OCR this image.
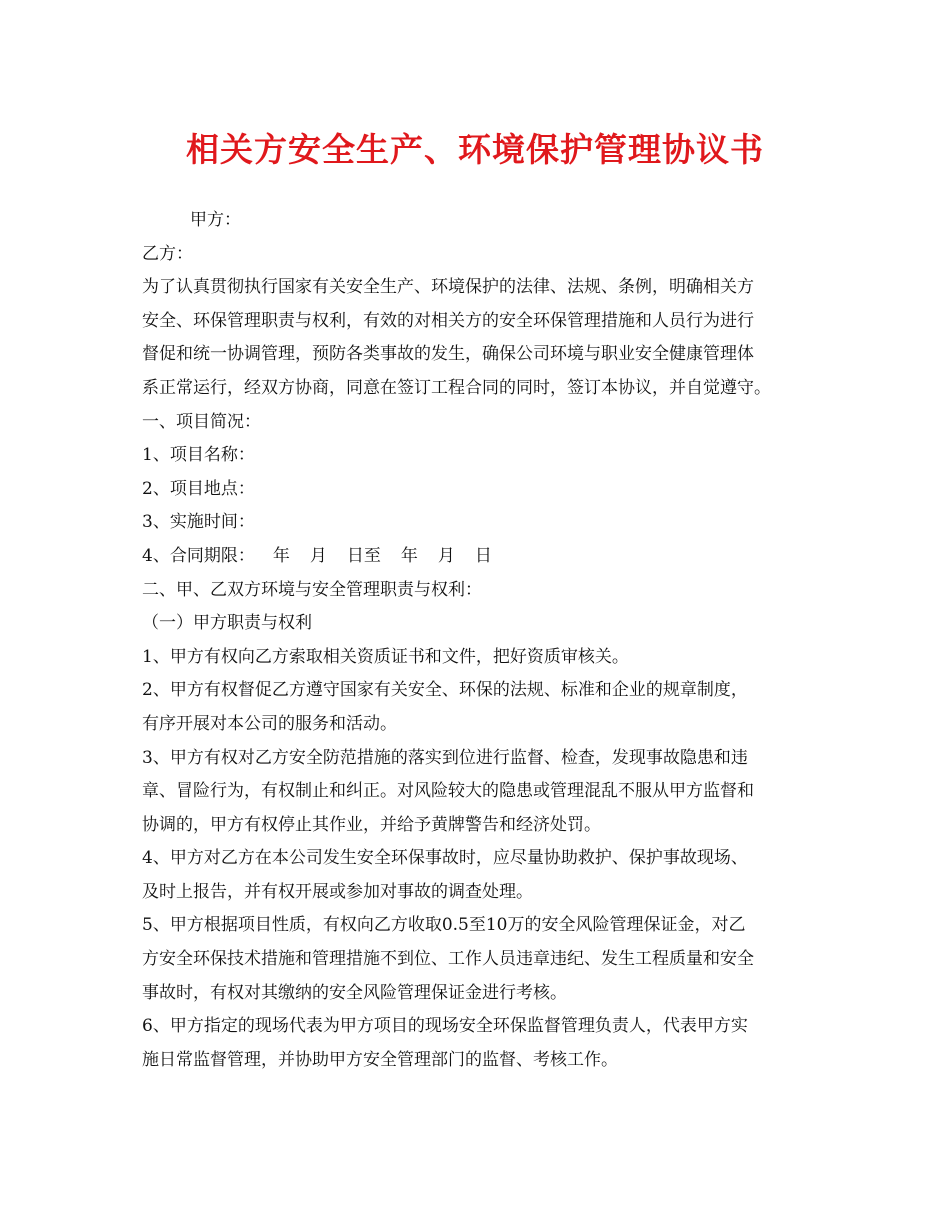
相关方安全生产、环境保护管理协议书
甲方：
乙方：
为了认真贯彻执行国家有关安全生产、环境保护的法律、法规、条例，明确相关方
安全、环保管理职责与权利，有效的对相关方的安全环保管理措施和人员行为进行
督促和统一协调管理，预防各类事故的发生，确保公司环境与职业安全健康管理体
系正常运行，经双方协商，同意在签订工程合同的同时，签订本协议，并自觉遵守。
一、项目简况：
1、项目名称：
2、项目地点：
3、实施时间：
4、合同期限： 年 月 日至 年 月 日
二、甲、乙双方环境与安全管理职责与权利：
（一）甲方职责与权利
1、甲方有权向乙方索取相关资质证书和文件，把好资质审核关。
2、甲方有权督促乙方遵守国家有关安全、环保的法规、标准和企业的规章制度，
有序开展对本公司的服务和活动。
3、甲方有权对乙方安全防范措施的落实到位进行监督、检查，发现事故隐患和违
章、冒险行为，有权制止和纠正。对风险较大的隐患或管理混乱不服从甲方监督和
协调的，甲方有权停止其作业，并给予黄牌警告和经济处罚。
4、甲方对乙方在本公司发生安全环保事故时，应尽量协助救护、保护事故现场、
及时上报告，并有权开展或参加对事故的调查处理。
5、甲方根据项目性质，有权向乙方收取0.5至10万的安全风险管理保证金，对乙
方安全环保技术措施和管理措施不到位、工作人员违章违纪、发生工程质量和安全
事故时，有权对其缴纳的安全风险管理保证金进行考核。
6、甲方指定的现场代表为甲方项目的现场安全环保监督管理负责人，代表甲方实
施日常监督管理，并协助甲方安全管理部门的监督、考核工作。
